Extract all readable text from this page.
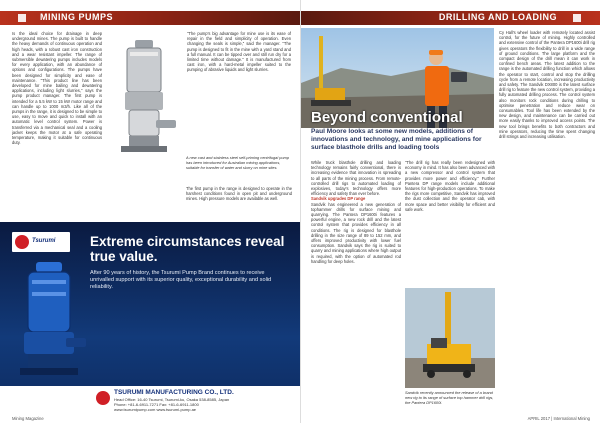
MINING PUMPS
Is the ideal choice for drainage in deep underground mines. The pump is built to handle the heavy demands of continuous operation and high heads, with a robust cast iron construction and a wear resistant impeller. The range of submersible dewatering pumps includes models for every application, with an abundance of options and configurations. The pumps have been designed for simplicity and ease of maintenance. "This product line has been developed for mine bailing and dewatering applications, including light slurries," says the pump product manager. The first pump is intended for a 5.5 kW to 15 kW motor range and can handle up to 1000 m3/h. Like all of the pumps in the range, it is designed to be simple to use, easy to move and quick to install with an automatic level control system. Power is transferred via a mechanical seal and a cooling jacket keeps the motor at a safe operating temperature, making it suitable for continuous duty.
"The pump's big advantage for mine use is its ease of repair in the field and simplicity of operation. Even changing the seals is simple," said the manager. "The pump is designed to fit in the mine with a yard stand and a full manual. It can be tipped over and still run dry for a limited time without damage." It is manufactured from cast iron, with a hard-metal impeller suited to the pumping of abrasive liquids and light slurries.
A new cast and stainless steel self-priming centrifugal pump has been introduced for Australian mining applications, suitable for transfer of water and slurry on mine sites.
The first pump in the range is designed to operate in the harshest conditions found in open pit and underground mines. High pressure models are available as well.
Tsurumi	Extreme circumstances reveal true value.
After 90 years of history, the Tsurumi Pump Brand continues to receive unrivalled support with its superior quality, exceptional durability and solid reliability.
TSURUMI MANUFACTURING CO., LTD.
Head Office: 16-40 Tsurumi, Tsurumi-ku, Osaka 538-8585, Japan
Phone: +81-6-6911-7271 Fax: +81-6-6911-1800
www.tsurumipump.com www.tsurumi-pump.ae
Mining Magazine
DRILLING AND LOADING
Beyond conventional
Cy Hall's wheel loader with remotely located assist control, for the future of mining. Highly controlled and extensive control of the Pantera DP1600i drill rig gives operators the flexibility to drill in a wide range of ground conditions. The large platform and the compact design of the drill mean it can work in confined bench areas. The latest addition to the range is the automated drilling function which allows the operator to start, control and stop the drilling cycle from a remote location, increasing productivity and safety. The Sandvik DX800 is the latest surface drill rig to feature the new control system, providing a fully automated drilling process. The control system also monitors rock conditions during drilling to optimise penetration and reduce wear on consumables. Tool life has been extended by the new design, and maintenance can be carried out more easily thanks to improved access points. The new tool brings benefits to both contractors and mine operators, reducing the time spent changing drill strings and increasing utilisation.
Paul Moore looks at some new models, additions of innovations and technology, and mine applications for surface blasthole drills and loading tools
While truck blasthole drilling and loading technology remains fairly conventional, there is increasing evidence that innovation is spreading to all parts of the mining process. From remote-controlled drill rigs to automated loading of explosives, today's technology offers more efficiency and safety than ever before.
Sandvik upgrades DP range
Sandvik has engineered a new generation of tophammer drills for surface mining and quarrying. The Pantera DP1600i features a powerful engine, a new rock drill and the latest control system that provides efficiency in all conditions. The rig is designed for blasthole drilling in the size range of 89 to 152 mm, and offers improved productivity with lower fuel consumption. Sandvik says the rig is suited to quarry and mining applications where high output is required, with the option of automated rod handling for deep holes.
"The drill rig has really been redesigned with economy in mind. It has also been advanced with a new compressor and control system that provides more power and efficiency." Further Pantera DP range models include additional features for high-production operations. To make the rigs more competitive, Sandvik has improved the dust collection and the operator cab, with more space and better visibility for efficient and safe work.
Sandvik recently announced the release of a brand new rig to its range of surface top hammer drill rigs, the Pantera DP1600i.
APRIL 2017 | International Mining
